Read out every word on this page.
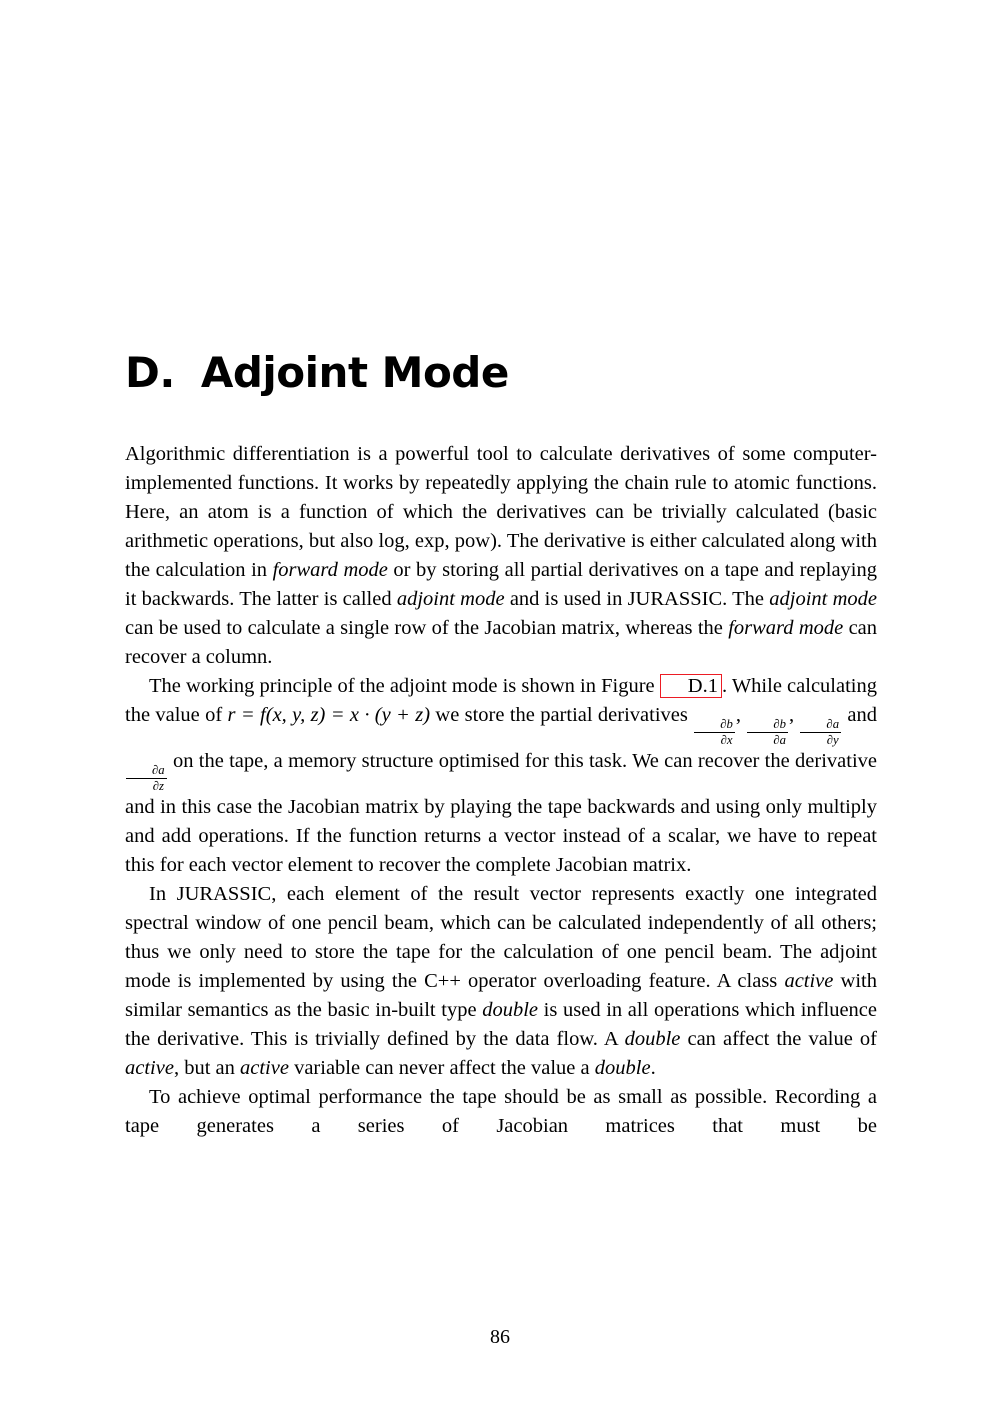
D. Adjoint Mode

Algorithmic differentiation is a powerful tool to calculate derivatives of some computer-implemented functions. It works by repeatedly applying the chain rule to atomic functions. Here, an atom is a function of which the derivatives can be trivially calculated (basic arithmetic operations, but also log, exp, pow). The derivative is either calculated along with the calculation in forward mode or by storing all partial derivatives on a tape and replaying it backwards. The latter is called adjoint mode and is used in JURASSIC. The adjoint mode can be used to calculate a single row of the Jacobian matrix, whereas the forward mode can recover a column.

The working principle of the adjoint mode is shown in Figure D.1 . While calculating the value of r = f(x, y, z) = x · (y + z) we store the partial derivatives
$\frac{\partial b}{\partial x}$
,
$\frac{\partial b}{\partial a}$
,
$\frac{\partial a}{\partial y}$
and
$\frac{\partial a}{\partial z}$
on the tape, a memory structure optimised for this task. We can recover the derivative and in this case the Jacobian matrix by playing the tape backwards and using only multiply and add operations. If the function returns a vector instead of a scalar, we have to repeat this for each vector element to recover the complete Jacobian matrix.

In JURASSIC, each element of the result vector represents exactly one integrated spectral window of one pencil beam, which can be calculated independently of all others; thus we only need to store the tape for the calculation of one pencil beam. The adjoint mode is implemented by using the C++ operator overloading feature. A class active with similar semantics as the basic in-built type double is used in all operations which influence the derivative. This is trivially defined by the data flow. A double can affect the value of active, but an active variable can never affect the value a double.

To achieve optimal performance the tape should be as small as possible. Recording a tape generates a series of Jacobian matrices that must be

86
